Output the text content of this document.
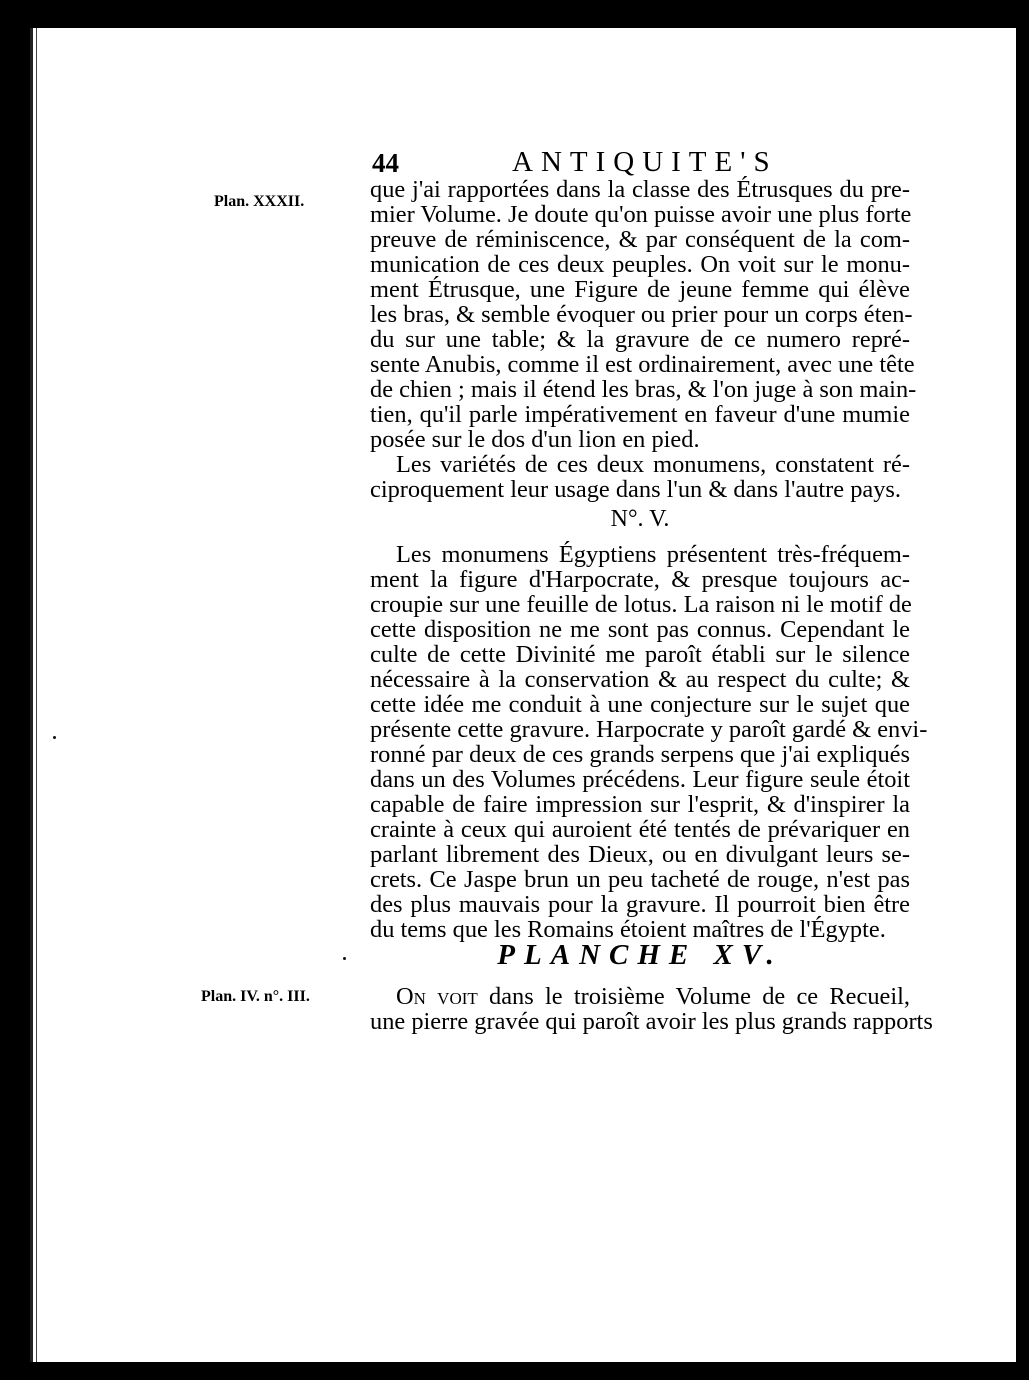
44	ANTIQUITE'S
Plan. XXXII.	que j'ai rapportées dans la classe des Étrusques du pre-
mier Volume. Je doute qu'on puisse avoir une plus forte
preuve de réminiscence, & par conséquent de la com-
munication de ces deux peuples. On voit sur le monu-
ment Étrusque, une Figure de jeune femme qui élève
les bras, & semble évoquer ou prier pour un corps éten-
du sur une table; & la gravure de ce numero repré-
sente Anubis, comme il est ordinairement, avec une tête
de chien ; mais il étend les bras, & l'on juge à son main-
tien, qu'il parle impérativement en faveur d'une mumie
posée sur le dos d'un lion en pied.
Les variétés de ces deux monumens, constatent ré-
ciproquement leur usage dans l'un & dans l'autre pays.
N°. V.
Les monumens Égyptiens présentent très-fréquem-
ment la figure d'Harpocrate, & presque toujours ac-
croupie sur une feuille de lotus. La raison ni le motif de
cette disposition ne me sont pas connus. Cependant le
culte de cette Divinité me paroît établi sur le silence
nécessaire à la conservation & au respect du culte; &
cette idée me conduit à une conjecture sur le sujet que
présente cette gravure. Harpocrate y paroît gardé & envi-
ronné par deux de ces grands serpens que j'ai expliqués
dans un des Volumes précédens. Leur figure seule étoit
capable de faire impression sur l'esprit, & d'inspirer la
crainte à ceux qui auroient été tentés de prévariquer en
parlant librement des Dieux, ou en divulgant leurs se-
crets. Ce Jaspe brun un peu tacheté de rouge, n'est pas
des plus mauvais pour la gravure. Il pourroit bien être
du tems que les Romains étoient maîtres de l'Égypte.
PLANCHE XV.
Plan. IV. n°. III.	On voit dans le troisième Volume de ce Recueil,
une pierre gravée qui paroît avoir les plus grands rapports
